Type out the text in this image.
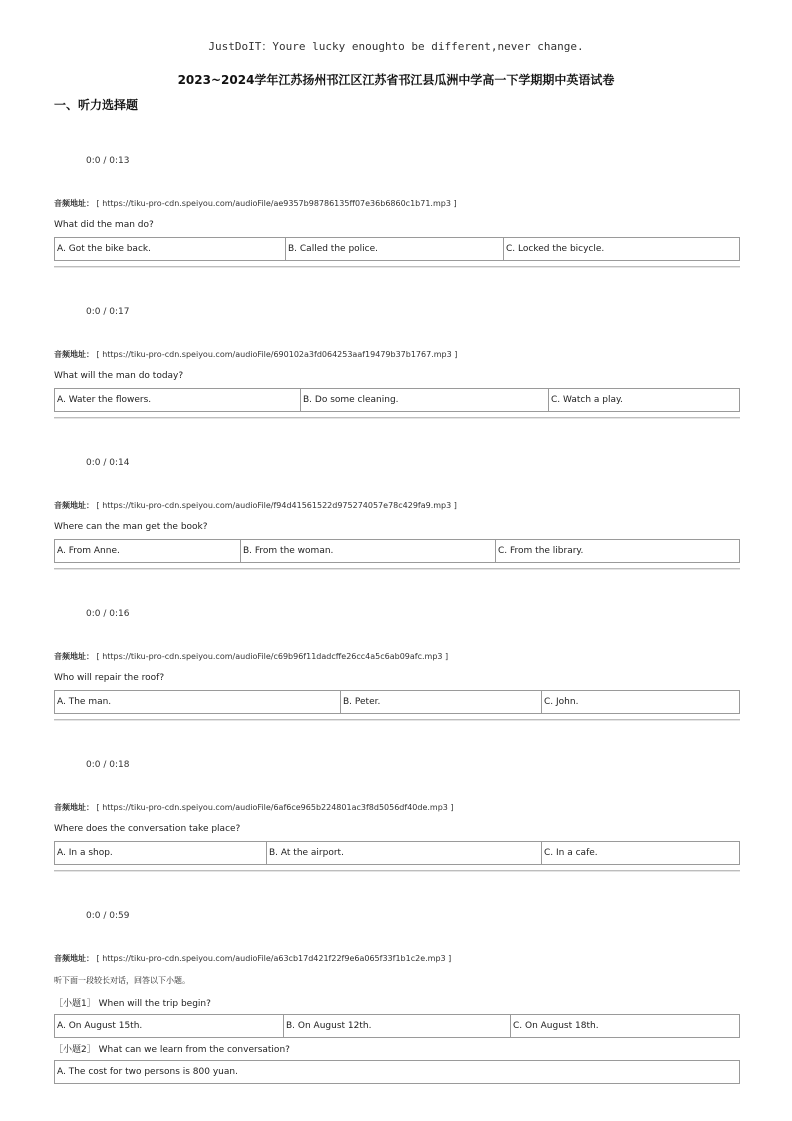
JustDoIT：Youre lucky enoughto be different,never change.
2023~2024学年江苏扬州邗江区江苏省邗江县瓜洲中学高一下学期期中英语试卷
一、听力选择题
0:0 / 0:13
音频地址： [ https://tiku-pro-cdn.speiyou.com/audioFile/ae9357b98786135ff07e36b6860c1b71.mp3 ]
What did the man do?
A. Got the bike back.	B. Called the police.	C. Locked the bicycle.
0:0 / 0:17
音频地址： [ https://tiku-pro-cdn.speiyou.com/audioFile/690102a3fd064253aaf19479b37b1767.mp3 ]
What will the man do today?
A. Water the flowers.	B. Do some cleaning.	C. Watch a play.
0:0 / 0:14
音频地址： [ https://tiku-pro-cdn.speiyou.com/audioFile/f94d41561522d975274057e78c429fa9.mp3 ]
Where can the man get the book?
A. From Anne.	B. From the woman.	C. From the library.
0:0 / 0:16
音频地址： [ https://tiku-pro-cdn.speiyou.com/audioFile/c69b96f11dadcffe26cc4a5c6ab09afc.mp3 ]
Who will repair the roof?
A. The man.	B. Peter.	C. John.
0:0 / 0:18
音频地址： [ https://tiku-pro-cdn.speiyou.com/audioFile/6af6ce965b224801ac3f8d5056df40de.mp3 ]
Where does the conversation take place?
A. In a shop.	B. At the airport.	C. In a cafe.
0:0 / 0:59
音频地址： [ https://tiku-pro-cdn.speiyou.com/audioFile/a63cb17d421f22f9e6a065f33f1b1c2e.mp3 ]
听下面一段较长对话，回答以下小题。
［小题1］ When will the trip begin?
A. On August 15th.	B. On August 12th.	C. On August 18th.
［小题2］ What can we learn from the conversation?
A. The cost for two persons is 800 yuan.
